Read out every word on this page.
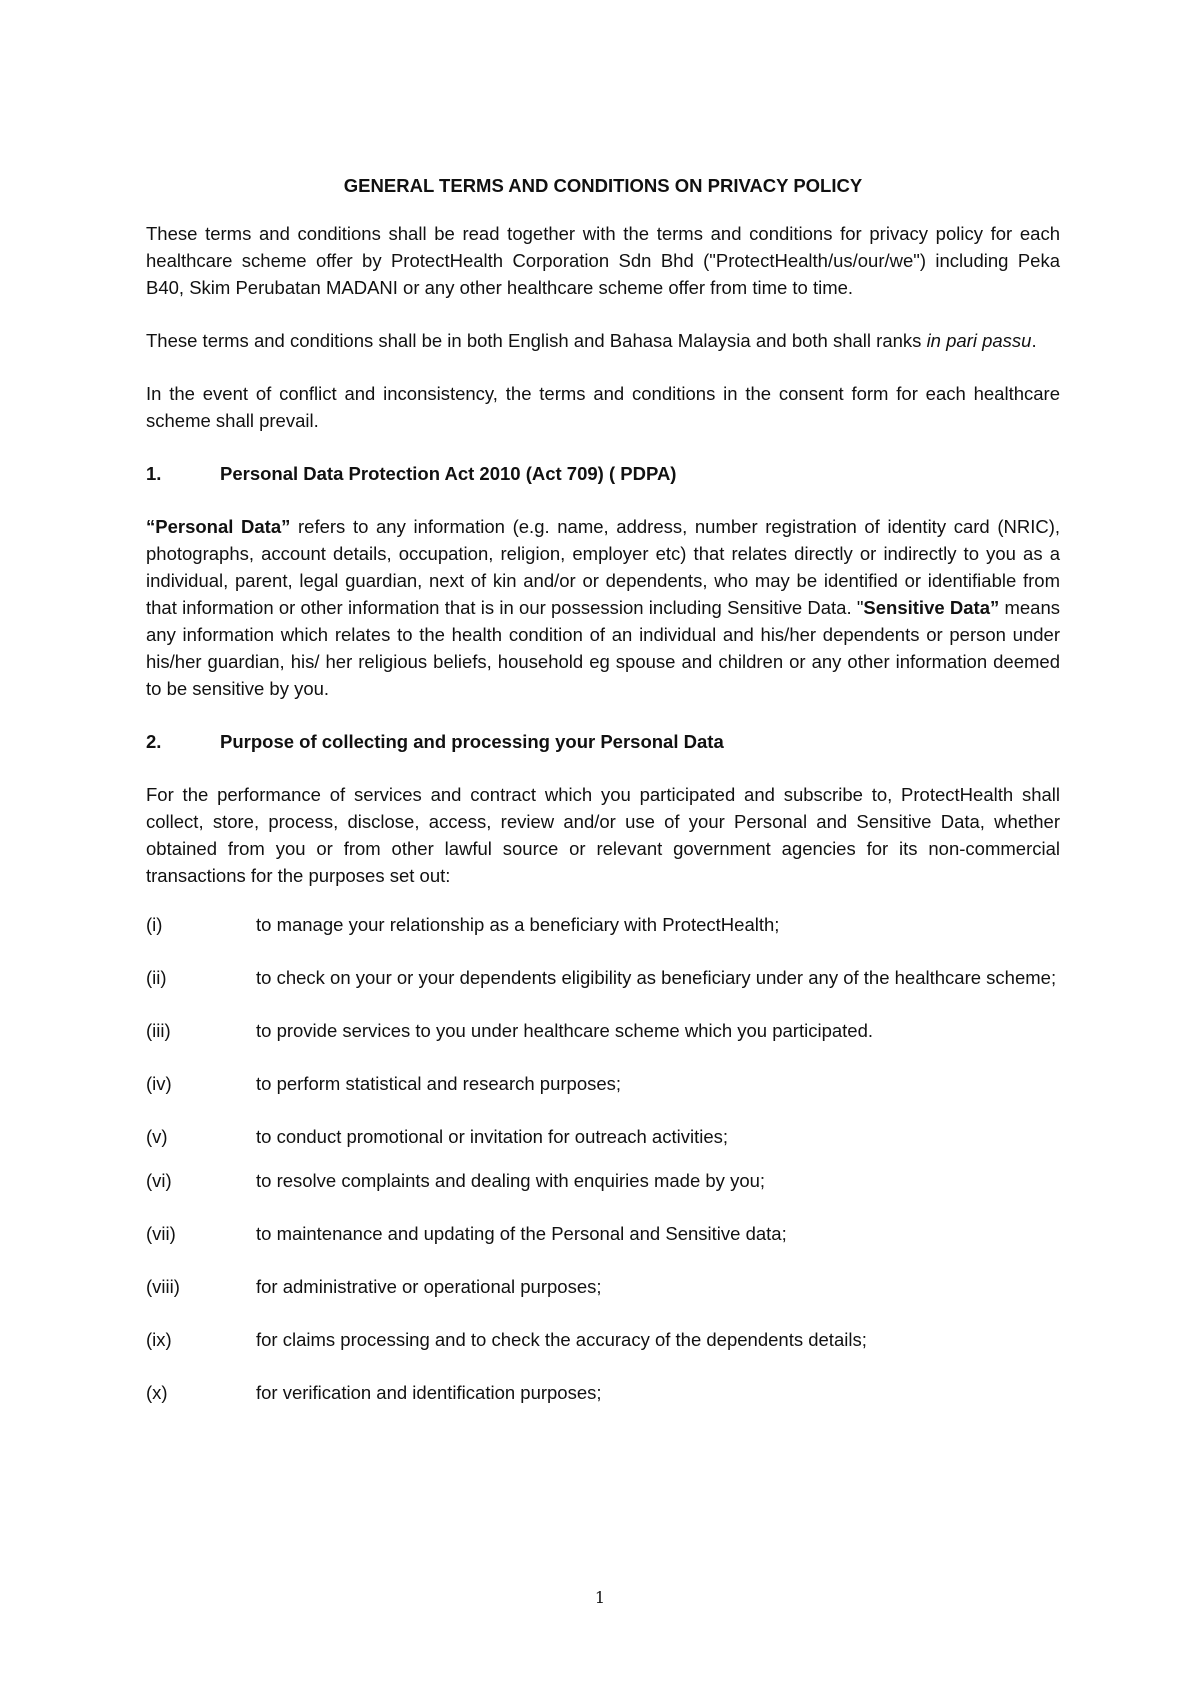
GENERAL TERMS AND CONDITIONS ON PRIVACY POLICY

These terms and conditions shall be read together with the terms and conditions for privacy policy for each healthcare scheme offer by ProtectHealth Corporation Sdn Bhd ("ProtectHealth/us/our/we") including Peka B40, Skim Perubatan MADANI or any other healthcare scheme offer from time to time.

These terms and conditions shall be in both English and Bahasa Malaysia and both shall ranks in pari passu.

In the event of conflict and inconsistency, the terms and conditions in the consent form for each healthcare scheme shall prevail.

1.	Personal Data Protection Act 2010 (Act 709) ( PDPA)

“Personal Data” refers to any information (e.g. name, address, number registration of identity card (NRIC), photographs, account details, occupation, religion, employer etc) that relates directly or indirectly to you as a individual, parent, legal guardian, next of kin and/or or dependents, who may be identified or identifiable from that information or other information that is in our possession including Sensitive Data. "Sensitive Data” means any information which relates to the health condition of an individual and his/her dependents or person under his/her guardian, his/ her religious beliefs, household eg spouse and children or any other information deemed to be sensitive by you.

2.	Purpose of collecting and processing your Personal Data

For the performance of services and contract which you participated and subscribe to, ProtectHealth shall collect, store, process, disclose, access, review and/or use of your Personal and Sensitive Data, whether obtained from you or from other lawful source or relevant government agencies for its non-commercial transactions for the purposes set out:

(i)	to manage your relationship as a beneficiary with ProtectHealth;
(ii)	to check on your or your dependents eligibility as beneficiary under any of the healthcare scheme;
(iii)	to provide services to you under healthcare scheme which you participated.
(iv)	to perform statistical and research purposes;
(v)	to conduct promotional or invitation for outreach activities;
(vi)	to resolve complaints and dealing with enquiries made by you;
(vii)	to maintenance and updating of the Personal and Sensitive data;
(viii)	for administrative or operational purposes;
(ix)	for claims processing and to check the accuracy of the dependents details;
(x)	for verification and identification purposes;
1
